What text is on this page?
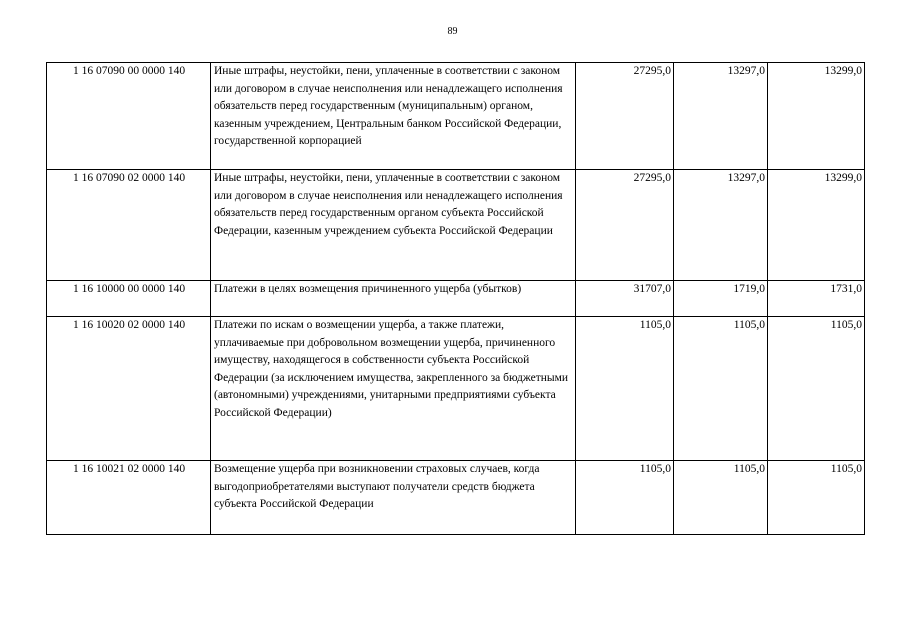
89
1 16 07090 00 0000 140	Иные штрафы, неустойки, пени, уплаченные в соответствии с законом или договором в случае неисполнения или ненадлежащего исполнения обязательств перед государственным (муниципальным) органом, казенным учреждением, Центральным банком Российской Федерации, государственной корпорацией	27295,0	13297,0	13299,0
1 16 07090 02 0000 140	Иные штрафы, неустойки, пени, уплаченные в соответствии с законом или договором в случае неисполнения или ненадлежащего исполнения обязательств перед государственным органом субъекта Российской Федерации, казенным учреждением субъекта Российской Федерации	27295,0	13297,0	13299,0
1 16 10000 00 0000 140	Платежи в целях возмещения причиненного ущерба (убытков)	31707,0	1719,0	1731,0
1 16 10020 02 0000 140	Платежи по искам о возмещении ущерба, а также платежи, уплачиваемые при добровольном возмещении ущерба, причиненного имуществу, находящегося в собственности субъекта Российской Федерации (за исключением имущества, закрепленного за бюджетными (автономными) учреждениями, унитарными предприятиями субъекта Российской Федерации)	1105,0	1105,0	1105,0
1 16 10021 02 0000 140	Возмещение ущерба при возникновении страховых случаев, когда выгодоприобретателями выступают получатели средств бюджета субъекта Российской Федерации	1105,0	1105,0	1105,0
